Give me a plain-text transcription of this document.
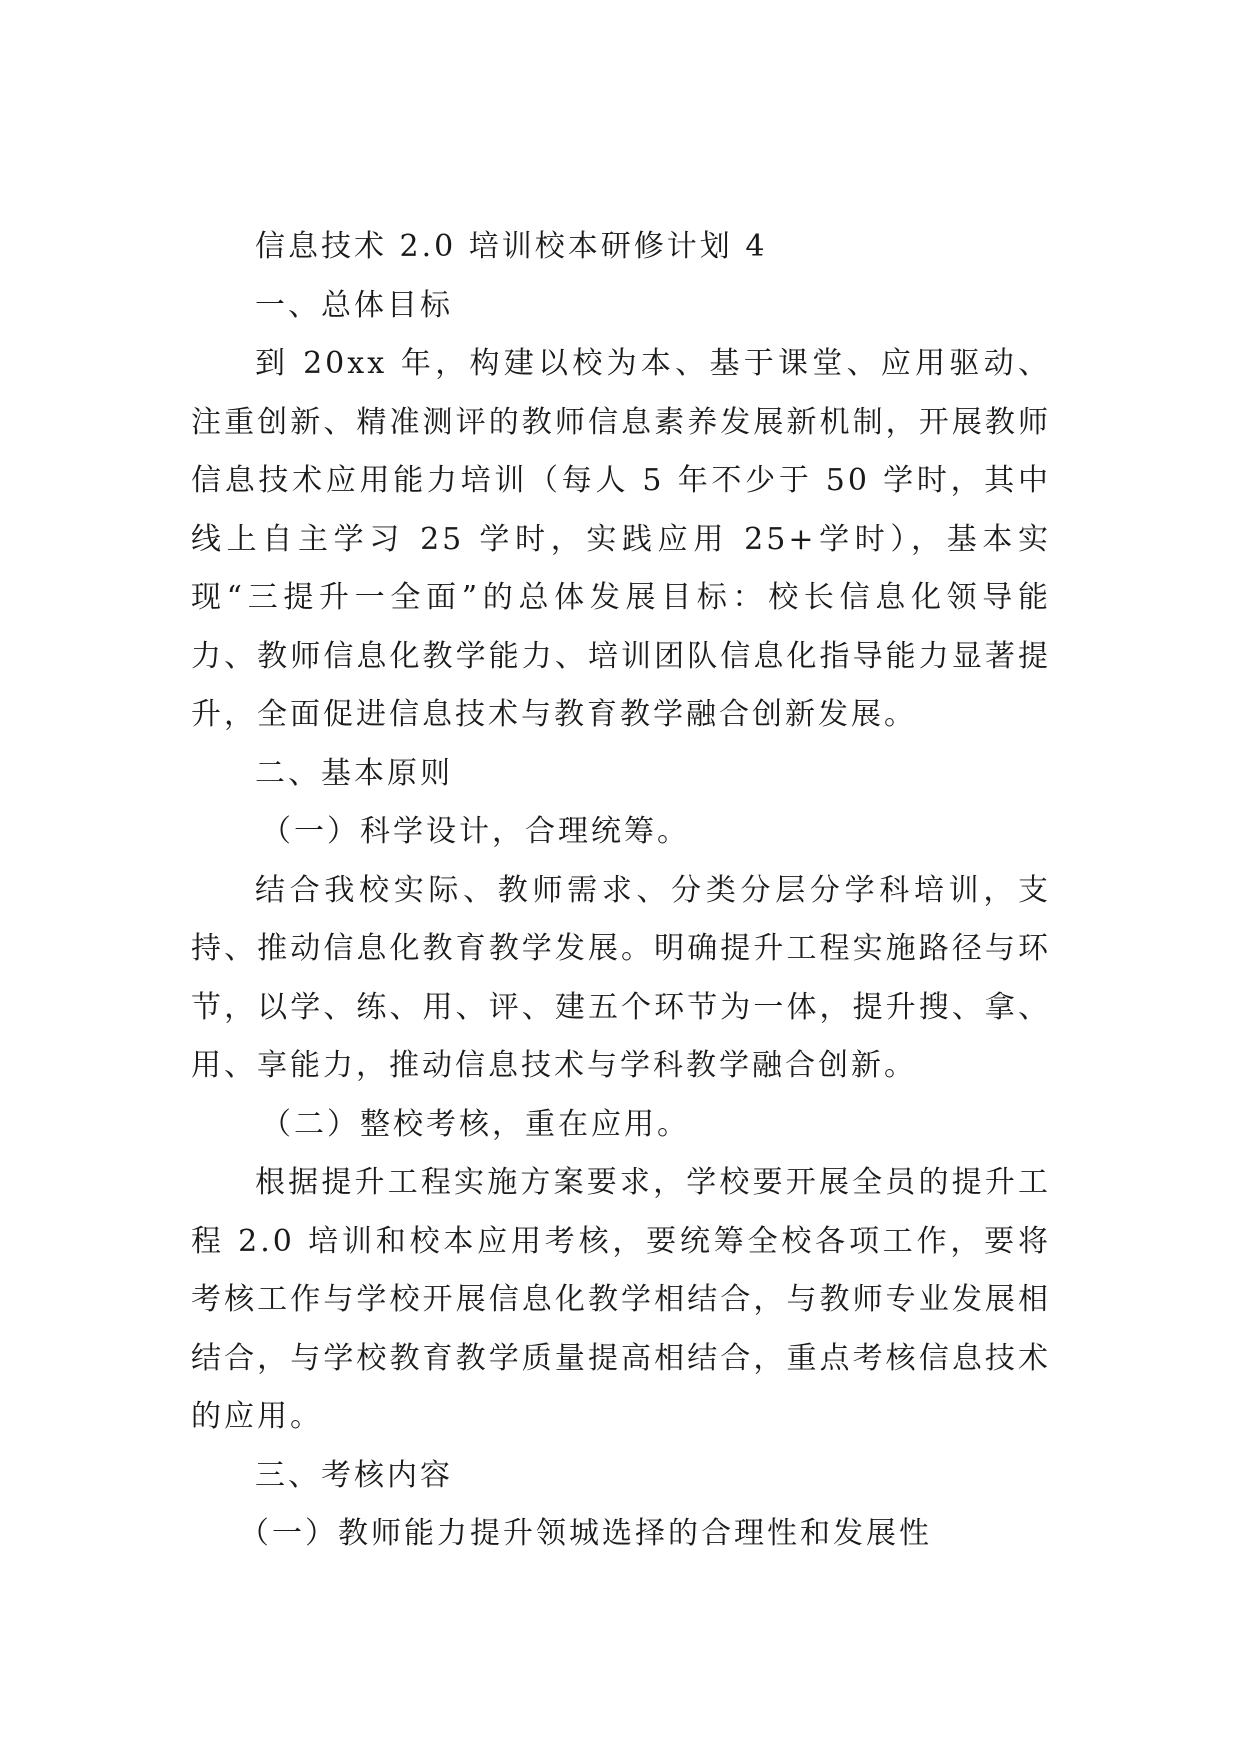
信息技术 2.0 培训校本研修计划 4

一、总体目标

到 20xx 年，构建以校为本、基于课堂、应用驱动、注重创新、精准测评的教师信息素养发展新机制，开展教师信息技术应用能力培训（每人 5 年不少于 50 学时，其中线上自主学习 25 学时，实践应用 25+学时），基本实现“三提升一全面”的总体发展目标：校长信息化领导能力、教师信息化教学能力、培训团队信息化指导能力显著提升，全面促进信息技术与教育教学融合创新发展。

二、基本原则

（一）科学设计，合理统筹。

结合我校实际、教师需求、分类分层分学科培训，支持、推动信息化教育教学发展。明确提升工程实施路径与环节，以学、练、用、评、建五个环节为一体，提升搜、拿、用、享能力，推动信息技术与学科教学融合创新。

（二）整校考核，重在应用。

根据提升工程实施方案要求，学校要开展全员的提升工程 2.0 培训和校本应用考核，要统筹全校各项工作，要将考核工作与学校开展信息化教学相结合，与教师专业发展相结合，与学校教育教学质量提高相结合，重点考核信息技术的应用。

三、考核内容

（一）教师能力提升领城选择的合理性和发展性
